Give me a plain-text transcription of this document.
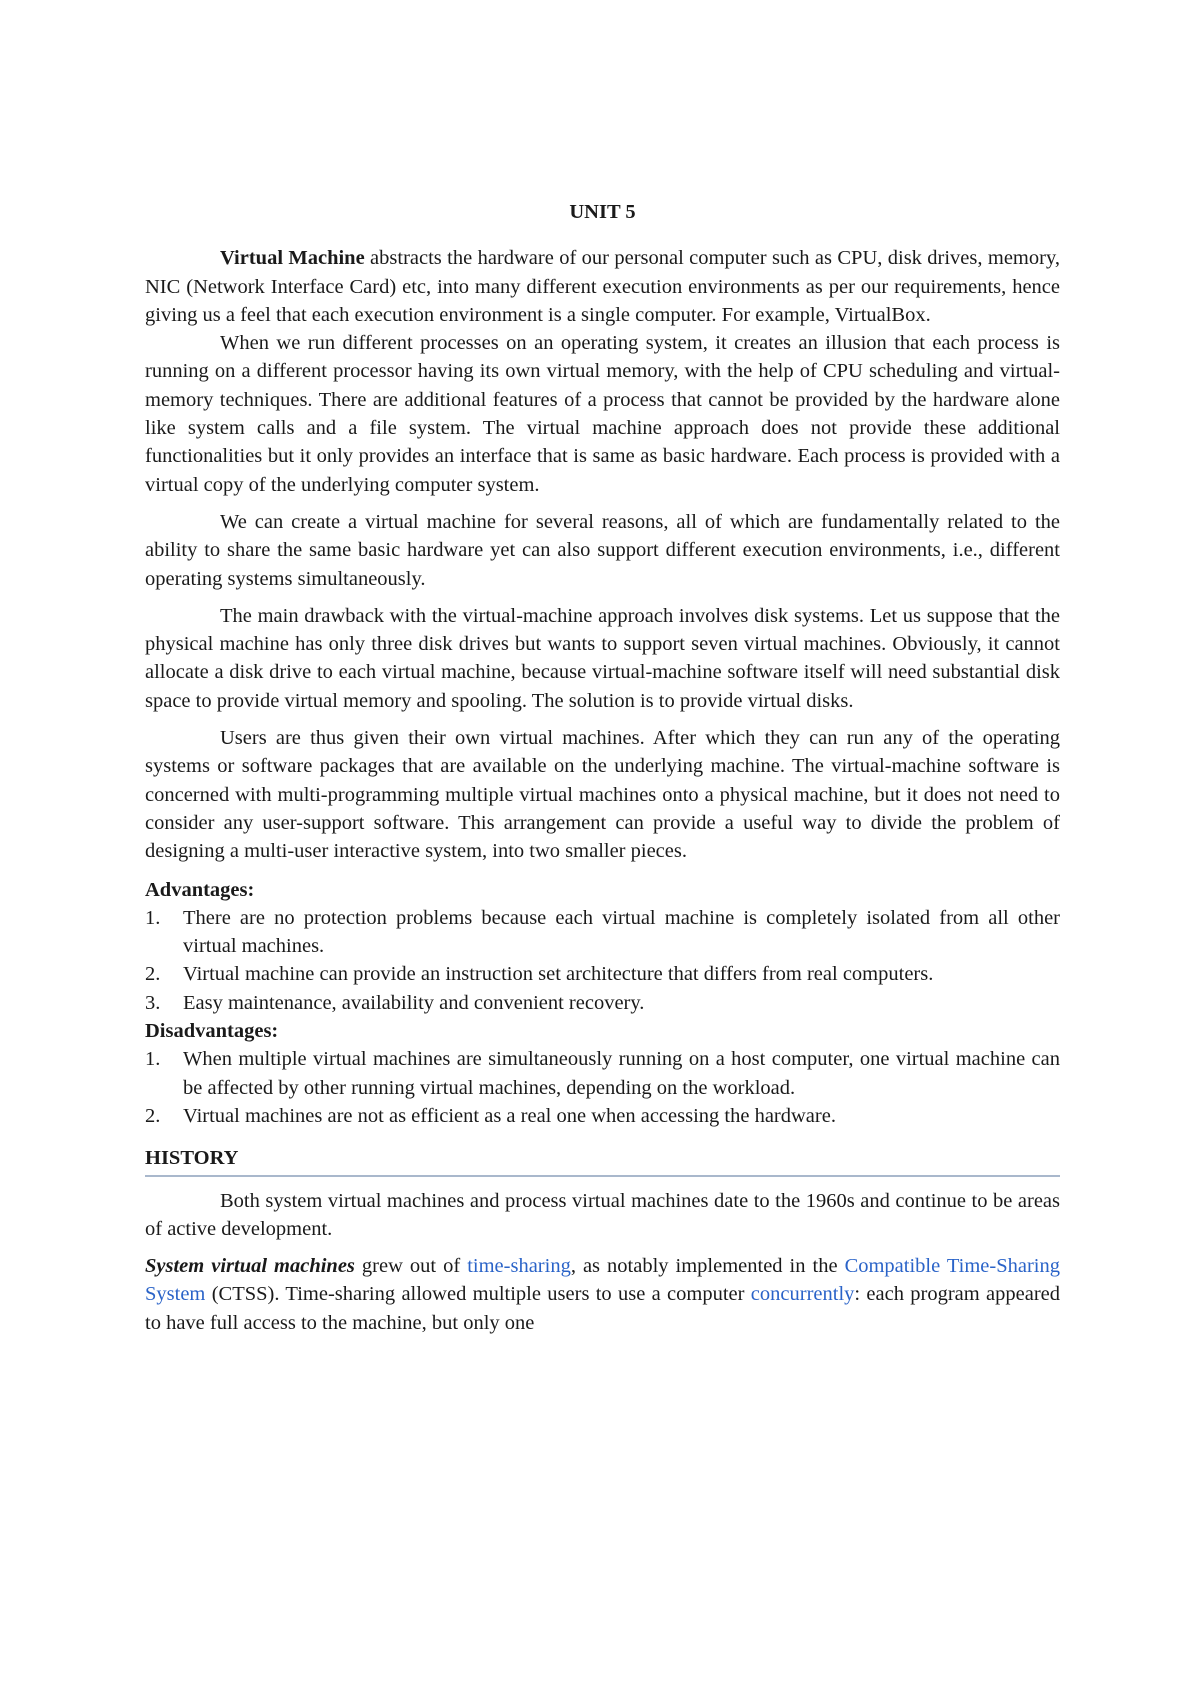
UNIT 5

Virtual Machine abstracts the hardware of our personal computer such as CPU, disk drives, memory, NIC (Network Interface Card) etc, into many different execution environments as per our requirements, hence giving us a feel that each execution environment is a single computer. For example, VirtualBox.

When we run different processes on an operating system, it creates an illusion that each process is running on a different processor having its own virtual memory, with the help of CPU scheduling and virtual-memory techniques. There are additional features of a process that cannot be provided by the hardware alone like system calls and a file system. The virtual machine approach does not provide these additional functionalities but it only provides an interface that is same as basic hardware. Each process is provided with a virtual copy of the underlying computer system.

We can create a virtual machine for several reasons, all of which are fundamentally related to the ability to share the same basic hardware yet can also support different execution environments, i.e., different operating systems simultaneously.

The main drawback with the virtual-machine approach involves disk systems. Let us suppose that the physical machine has only three disk drives but wants to support seven virtual machines. Obviously, it cannot allocate a disk drive to each virtual machine, because virtual-machine software itself will need substantial disk space to provide virtual memory and spooling. The solution is to provide virtual disks.

Users are thus given their own virtual machines. After which they can run any of the operating systems or software packages that are available on the underlying machine. The virtual-machine software is concerned with multi-programming multiple virtual machines onto a physical machine, but it does not need to consider any user-support software. This arrangement can provide a useful way to divide the problem of designing a multi-user interactive system, into two smaller pieces.

Advantages:
1. There are no protection problems because each virtual machine is completely isolated from all other virtual machines.
2. Virtual machine can provide an instruction set architecture that differs from real computers.
3. Easy maintenance, availability and convenient recovery.
Disadvantages:
1. When multiple virtual machines are simultaneously running on a host computer, one virtual machine can be affected by other running virtual machines, depending on the workload.
2. Virtual machines are not as efficient as a real one when accessing the hardware.
HISTORY

Both system virtual machines and process virtual machines date to the 1960s and continue to be areas of active development.

System virtual machines grew out of time-sharing, as notably implemented in the Compatible Time-Sharing System (CTSS). Time-sharing allowed multiple users to use a computer concurrently: each program appeared to have full access to the machine, but only one
